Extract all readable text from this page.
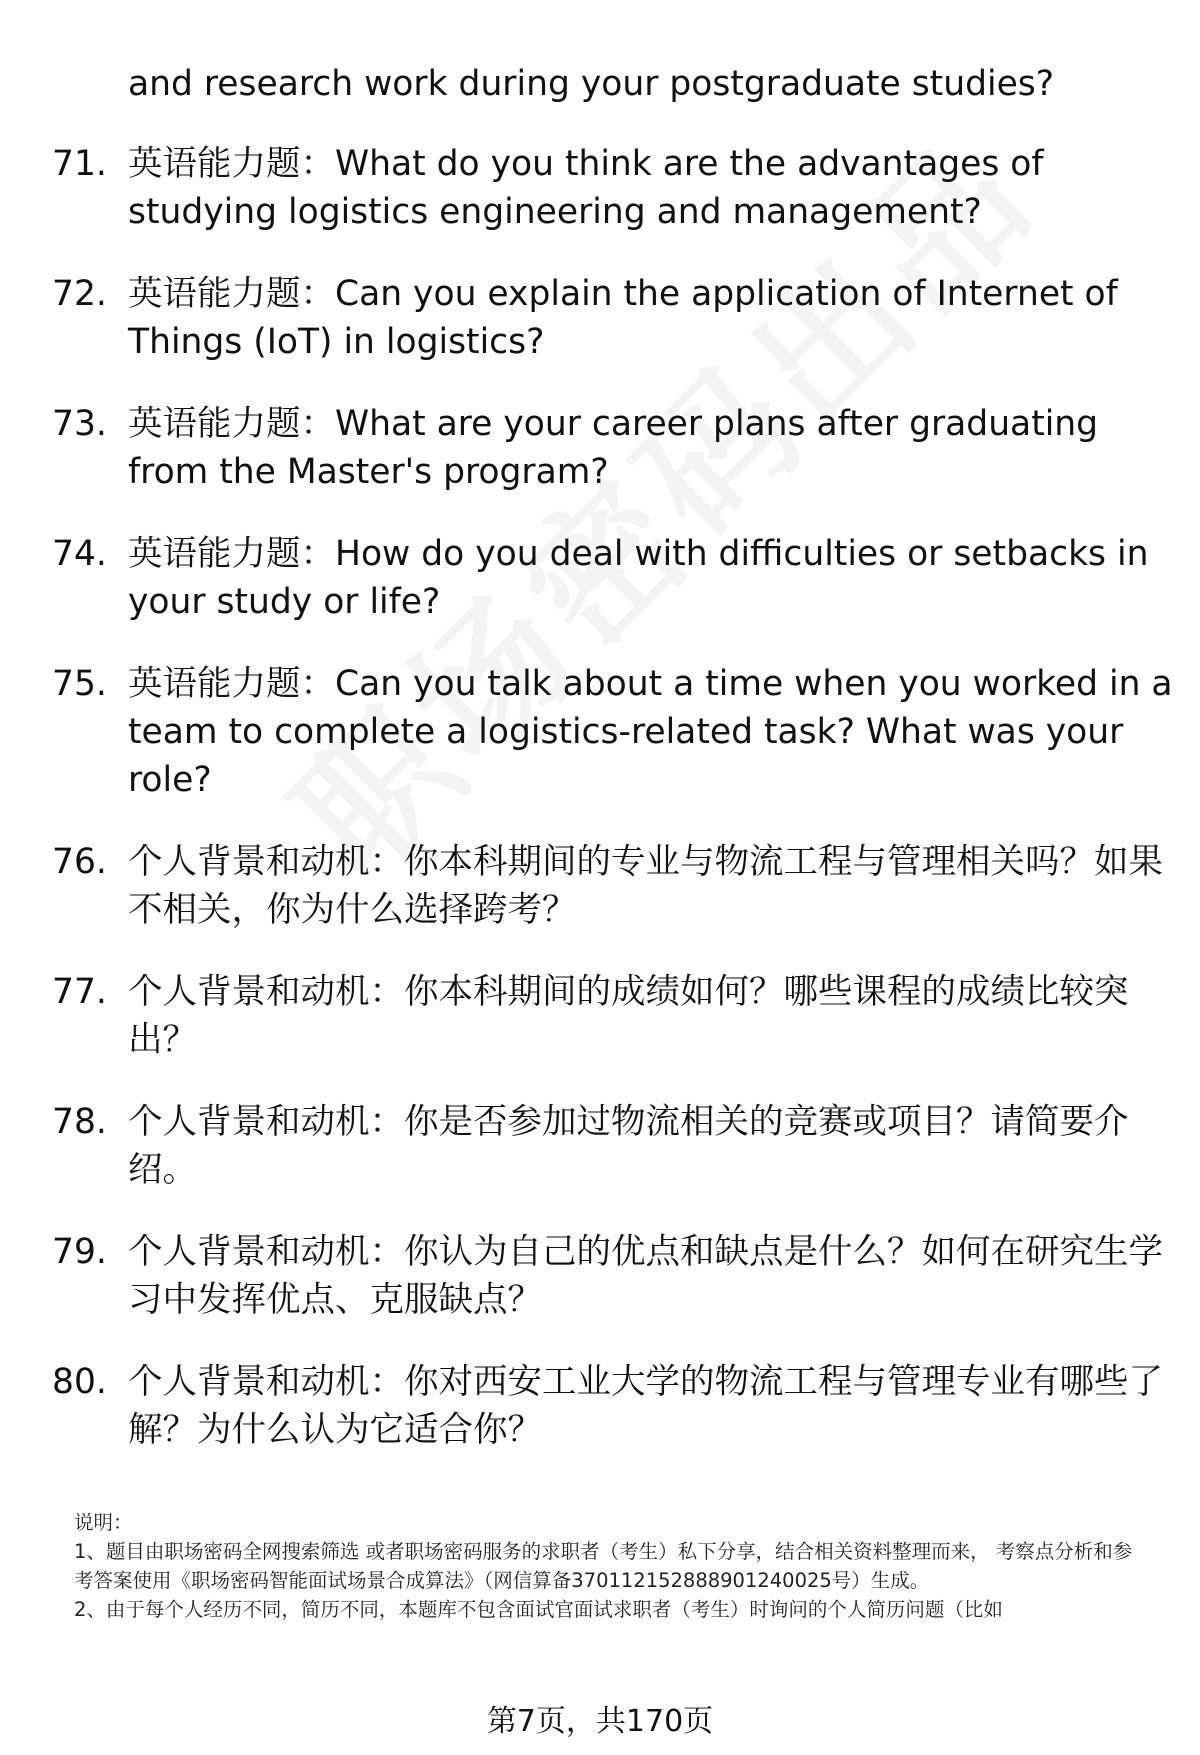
and research work during your postgraduate studies?

71. 英语能力题：What do you think are the advantages of studying logistics engineering and management?
72. 英语能力题：Can you explain the application of Internet of Things (IoT) in logistics?
73. 英语能力题：What are your career plans after graduating from the Master's program?
74. 英语能力题：How do you deal with difficulties or setbacks in your study or life?
75. 英语能力题：Can you talk about a time when you worked in a team to complete a logistics-related task? What was your role?
76. 个人背景和动机：你本科期间的专业与物流工程与管理相关吗？如果不相关，你为什么选择跨考？
77. 个人背景和动机：你本科期间的成绩如何？哪些课程的成绩比较突出？
78. 个人背景和动机：你是否参加过物流相关的竞赛或项目？请简要介绍。
79. 个人背景和动机：你认为自己的优点和缺点是什么？如何在研究生学习中发挥优点、克服缺点？
80. 个人背景和动机：你对西安工业大学的物流工程与管理专业有哪些了解？为什么认为它适合你？

说明：

1、题目由职场密码全网搜索筛选 或者职场密码服务的求职者（考生）私下分享，结合相关资料整理而来， 考察点分析和参考答案使用《职场密码智能面试场景合成算法》（网信算备370112152888901240025号）生成。

2、由于每个人经历不同，简历不同，本题库不包含面试官面试求职者（考生）时询问的个人简历问题（比如

第7页，共170页
